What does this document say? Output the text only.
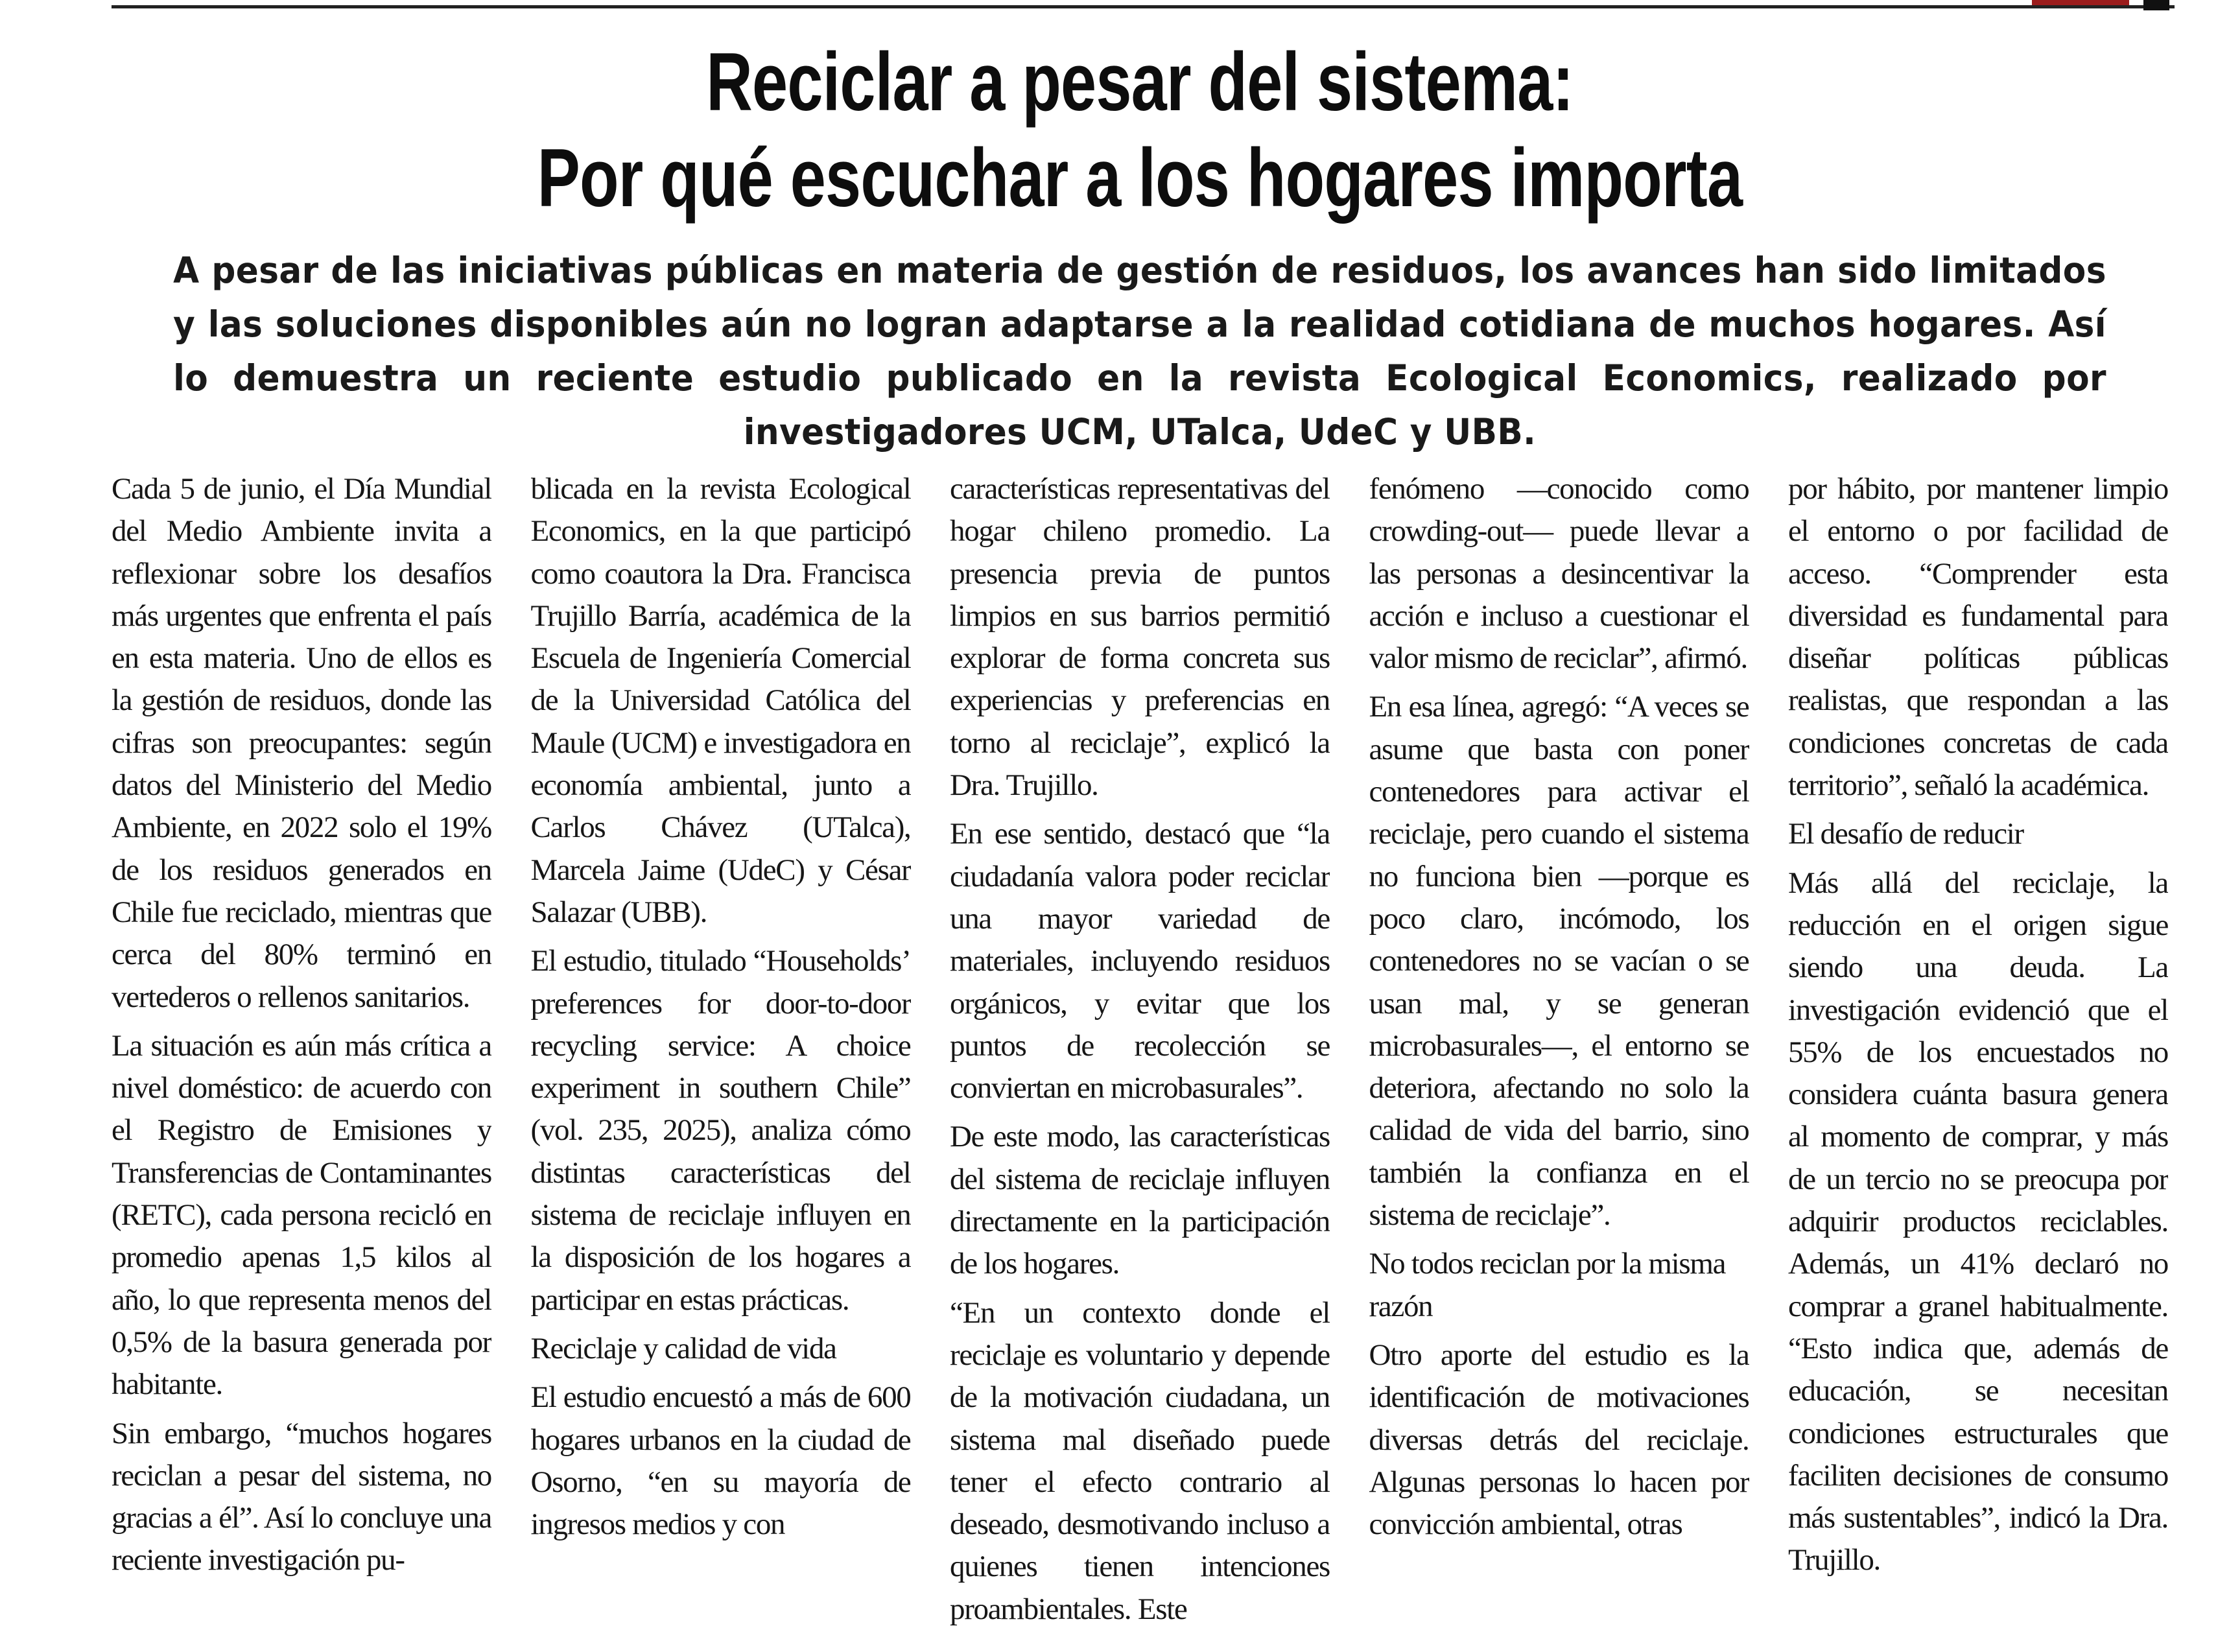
Reciclar a pesar del sistema:
Por qué escuchar a los hogares importa

A pesar de las iniciativas públicas en materia de gestión de residuos, los avances han sido limitados y las soluciones disponibles aún no logran adaptarse a la realidad cotidiana de muchos hogares. Así lo demuestra un reciente estudio publicado en la revista Ecological Economics, realizado por investigadores UCM, UTalca, UdeC y UBB.

Cada 5 de junio, el Día Mundial del Medio Ambiente invita a reflexionar sobre los desafíos más urgentes que enfrenta el país en esta materia. Uno de ellos es la gestión de residuos, donde las cifras son preocupantes: según datos del Ministerio del Medio Ambiente, en 2022 solo el 19% de los residuos generados en Chile fue reciclado, mientras que cerca del 80% terminó en vertederos o rellenos sanitarios.

La situación es aún más crítica a nivel doméstico: de acuerdo con el Registro de Emisiones y Transferencias de Contaminantes (RETC), cada persona recicló en promedio apenas 1,5 kilos al año, lo que representa menos del 0,5% de la basura generada por habitante.

Sin embargo, “muchos hogares reciclan a pesar del sistema, no gracias a él”. Así lo concluye una reciente investigación pu-

blicada en la revista Ecological Economics, en la que participó como coautora la Dra. Francisca Trujillo Barría, académica de la Escuela de Ingeniería Comercial de la Universidad Católica del Maule (UCM) e investigadora en economía ambiental, junto a Carlos Chávez (UTalca), Marcela Jaime (UdeC) y César Salazar (UBB).

El estudio, titulado “Households’ preferences for door-to-door recycling service: A choice experiment in southern Chile” (vol. 235, 2025), analiza cómo distintas características del sistema de reciclaje influyen en la disposición de los hogares a participar en estas prácticas.

Reciclaje y calidad de vida

El estudio encuestó a más de 600 hogares urbanos en la ciudad de Osorno, “en su mayoría de ingresos medios y con

características representativas del hogar chileno promedio. La presencia previa de puntos limpios en sus barrios permitió explorar de forma concreta sus experiencias y preferencias en torno al reciclaje”, explicó la Dra. Trujillo.

En ese sentido, destacó que “la ciudadanía valora poder reciclar una mayor variedad de materiales, incluyendo residuos orgánicos, y evitar que los puntos de recolección se conviertan en microbasurales”.

De este modo, las características del sistema de reciclaje influyen directamente en la participación de los hogares.

“En un contexto donde el reciclaje es voluntario y depende de la motivación ciudadana, un sistema mal diseñado puede tener el efecto contrario al deseado, desmotivando incluso a quienes tienen intenciones proambientales. Este

fenómeno —conocido como crowding-out— puede llevar a las personas a desincentivar la acción e incluso a cuestionar el valor mismo de reciclar”, afirmó.

En esa línea, agregó: “A veces se asume que basta con poner contenedores para activar el reciclaje, pero cuando el sistema no funciona bien —porque es poco claro, incómodo, los contenedores no se vacían o se usan mal, y se generan microbasurales—, el entorno se deteriora, afectando no solo la calidad de vida del barrio, sino también la confianza en el sistema de reciclaje”.

No todos reciclan por la misma razón

Otro aporte del estudio es la identificación de motivaciones diversas detrás del reciclaje. Algunas personas lo hacen por convicción ambiental, otras

por hábito, por mantener limpio el entorno o por facilidad de acceso. “Comprender esta diversidad es fundamental para diseñar políticas públicas realistas, que respondan a las condiciones concretas de cada territorio”, señaló la académica.

El desafío de reducir

Más allá del reciclaje, la reducción en el origen sigue siendo una deuda. La investigación evidenció que el 55% de los encuestados no considera cuánta basura genera al momento de comprar, y más de un tercio no se preocupa por adquirir productos reciclables. Además, un 41% declaró no comprar a granel habitualmente. “Esto indica que, además de educación, se necesitan condiciones estructurales que faciliten decisiones de consumo más sustentables”, indicó la Dra. Trujillo.
